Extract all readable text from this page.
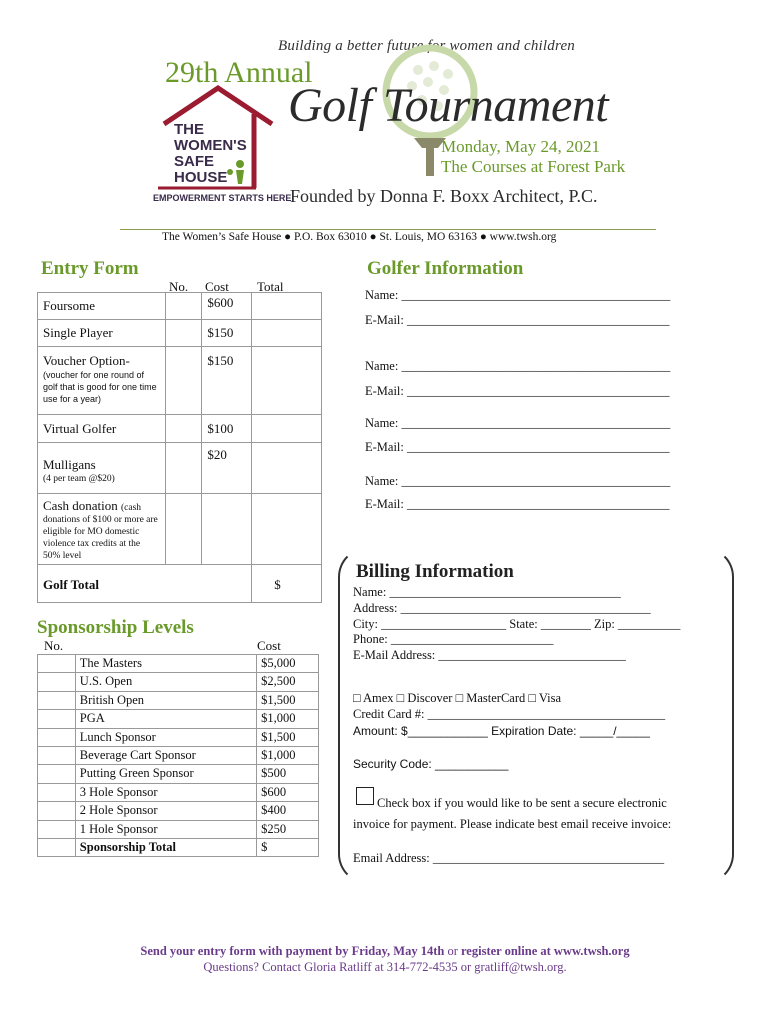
Building a better future for women and children
29th Annual
Golf Tournament
Monday, May 24, 2021
The Courses at Forest Park
THE
WOMEN'S
SAFE
HOUSE
EMPOWERMENT STARTS HERE
Founded by Donna F. Boxx Architect, P.C.
The Women’s Safe House ● P.O. Box 63010 ● St. Louis, MO 63163 ● www.twsh.org
Entry Form
No. Cost Total
Foursome		$600	
Single Player		$150	

Voucher Option-
(voucher for one round of golf that is good for one time use for a year)		$150	
Virtual Golfer		$100	

Mulligans
(4 per team @$20)		$20	
Cash donation (cash
donations of $100 or more are eligible for MO domestic violence tax credits at the 50% level			

Golf Total			$
Sponsorship Levels
No.	Cost
	The Masters	$5,000
	U.S. Open	$2,500
	British Open	$1,500
	PGA	$1,000
	Lunch Sponsor	$1,500
	Beverage Cart Sponsor	$1,000
	Putting Green Sponsor	$500
	3 Hole Sponsor	$600
	2 Hole Sponsor	$400
	1 Hole Sponsor	$250
	Sponsorship Total	$
Golfer Information
Name: ___________________________________________
E-Mail: __________________________________________
Name: ___________________________________________
E-Mail: __________________________________________
Name: ___________________________________________
E-Mail: __________________________________________
Name: ___________________________________________
E-Mail: __________________________________________
Billing Information
Name: _____________________________________
Address: ________________________________________
City: ____________________ State: ________ Zip: __________
Phone: __________________________
E-Mail Address: ______________________________
□ Amex □ Discover □ MasterCard □ Visa
Credit Card #: ______________________________________
Amount: $____________ Expiration Date: _____/_____
Security Code: ___________
Check box if you would like to be sent a secure electronic
invoice for payment. Please indicate best email receive invoice:
Email Address: _____________________________________
Send your entry form with payment by Friday, May 14th or register online at www.twsh.org
Questions? Contact Gloria Ratliff at 314-772-4535 or gratliff@twsh.org.
